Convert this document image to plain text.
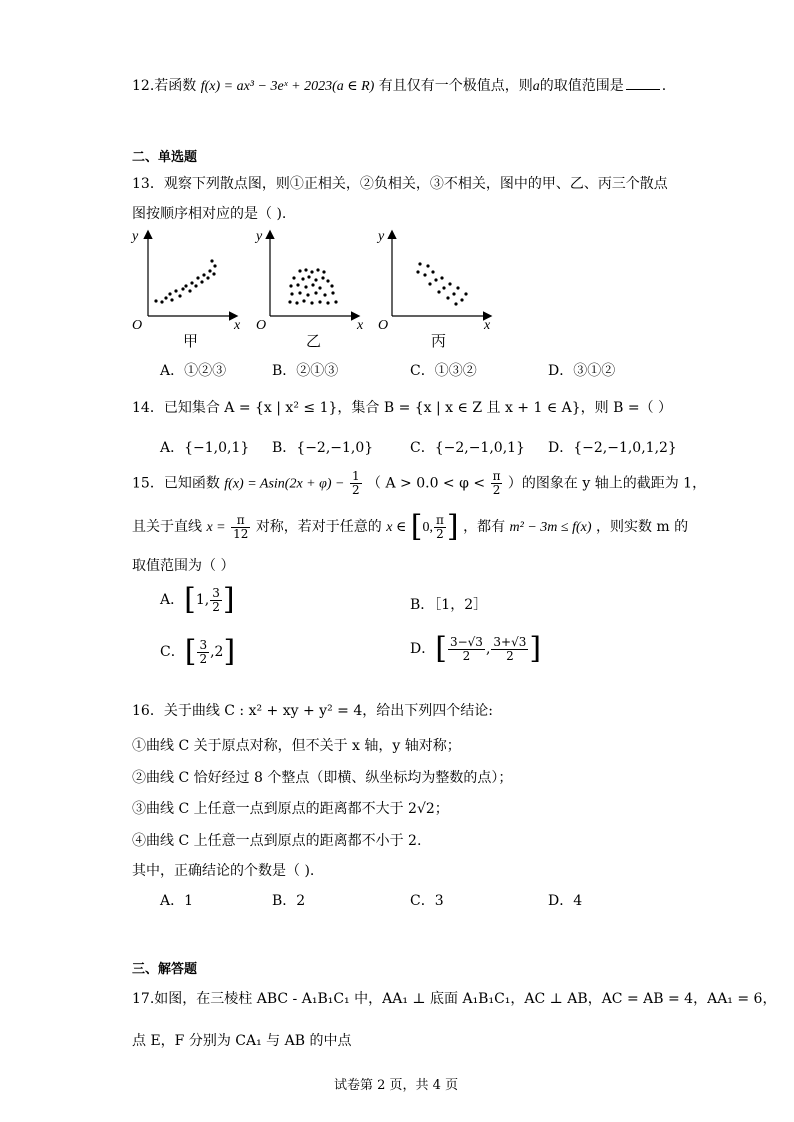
12.若函数 f(x) = ax³ − 3eˣ + 2023(a ∈ R) 有且仅有一个极值点，则a的取值范围是	.
二、单选题
13．观察下列散点图，则①正相关，②负相关，③不相关，图中的甲、乙、丙三个散点
图按顺序相对应的是（ ).
y
x
O
y
x
O
y
x
O
甲	乙	丙
A．①②③	B．②①③	C．①③②	D．③①②
14．已知集合 A = {x | x² ≤ 1}，集合 B = {x | x ∈ Z 且 x + 1 ∈ A}，则 B =（ ）
A．{−1,0,1} B．{−2,−1,0}	C．{−2,−1,0,1} D．{−2,−1,0,1,2}
15．已知函数 $f(x) = Asin(2x + \varphi) - \frac{1}{2}$ （ $A > 0.0 < \varphi < \frac{\pi}{2}$ ）的图象在 y 轴上的截距为 1，
且关于直线 $x = \frac{\pi}{12}$ 对称，若对于任意的 x ∈ [0, $\frac{\pi}{2}$ ] ，都有 m² − 3m ≤ f(x) ，则实数 m 的
取值范围为（ ）
A．[1, $\frac{3}{2}$ ]	B．［1，2］
C．[ $\frac{3}{2} ,2$]	D．[ $\frac{3-√3}{2}$ , $\frac{3+√3}{2}$ ]
16．关于曲线 C : x² + xy + y² = 4，给出下列四个结论:
①曲线 C 关于原点对称，但不关于 x 轴，y 轴对称；
②曲线 C 恰好经过 8 个整点（即横、纵坐标均为整数的点）；
③曲线 C 上任意一点到原点的距离都不大于 2√2；
④曲线 C 上任意一点到原点的距离都不小于 2.
其中，正确结论的个数是（ ).
A．1	B．2	C．3	D．4
三、解答题
17.如图，在三棱柱 ABC - A₁B₁C₁ 中，AA₁ ⊥ 底面 A₁B₁C₁，AC ⊥ AB，AC = AB = 4，AA₁ = 6，
点 E，F 分别为 CA₁ 与 AB 的中点
试卷第 2 页，共 4 页
